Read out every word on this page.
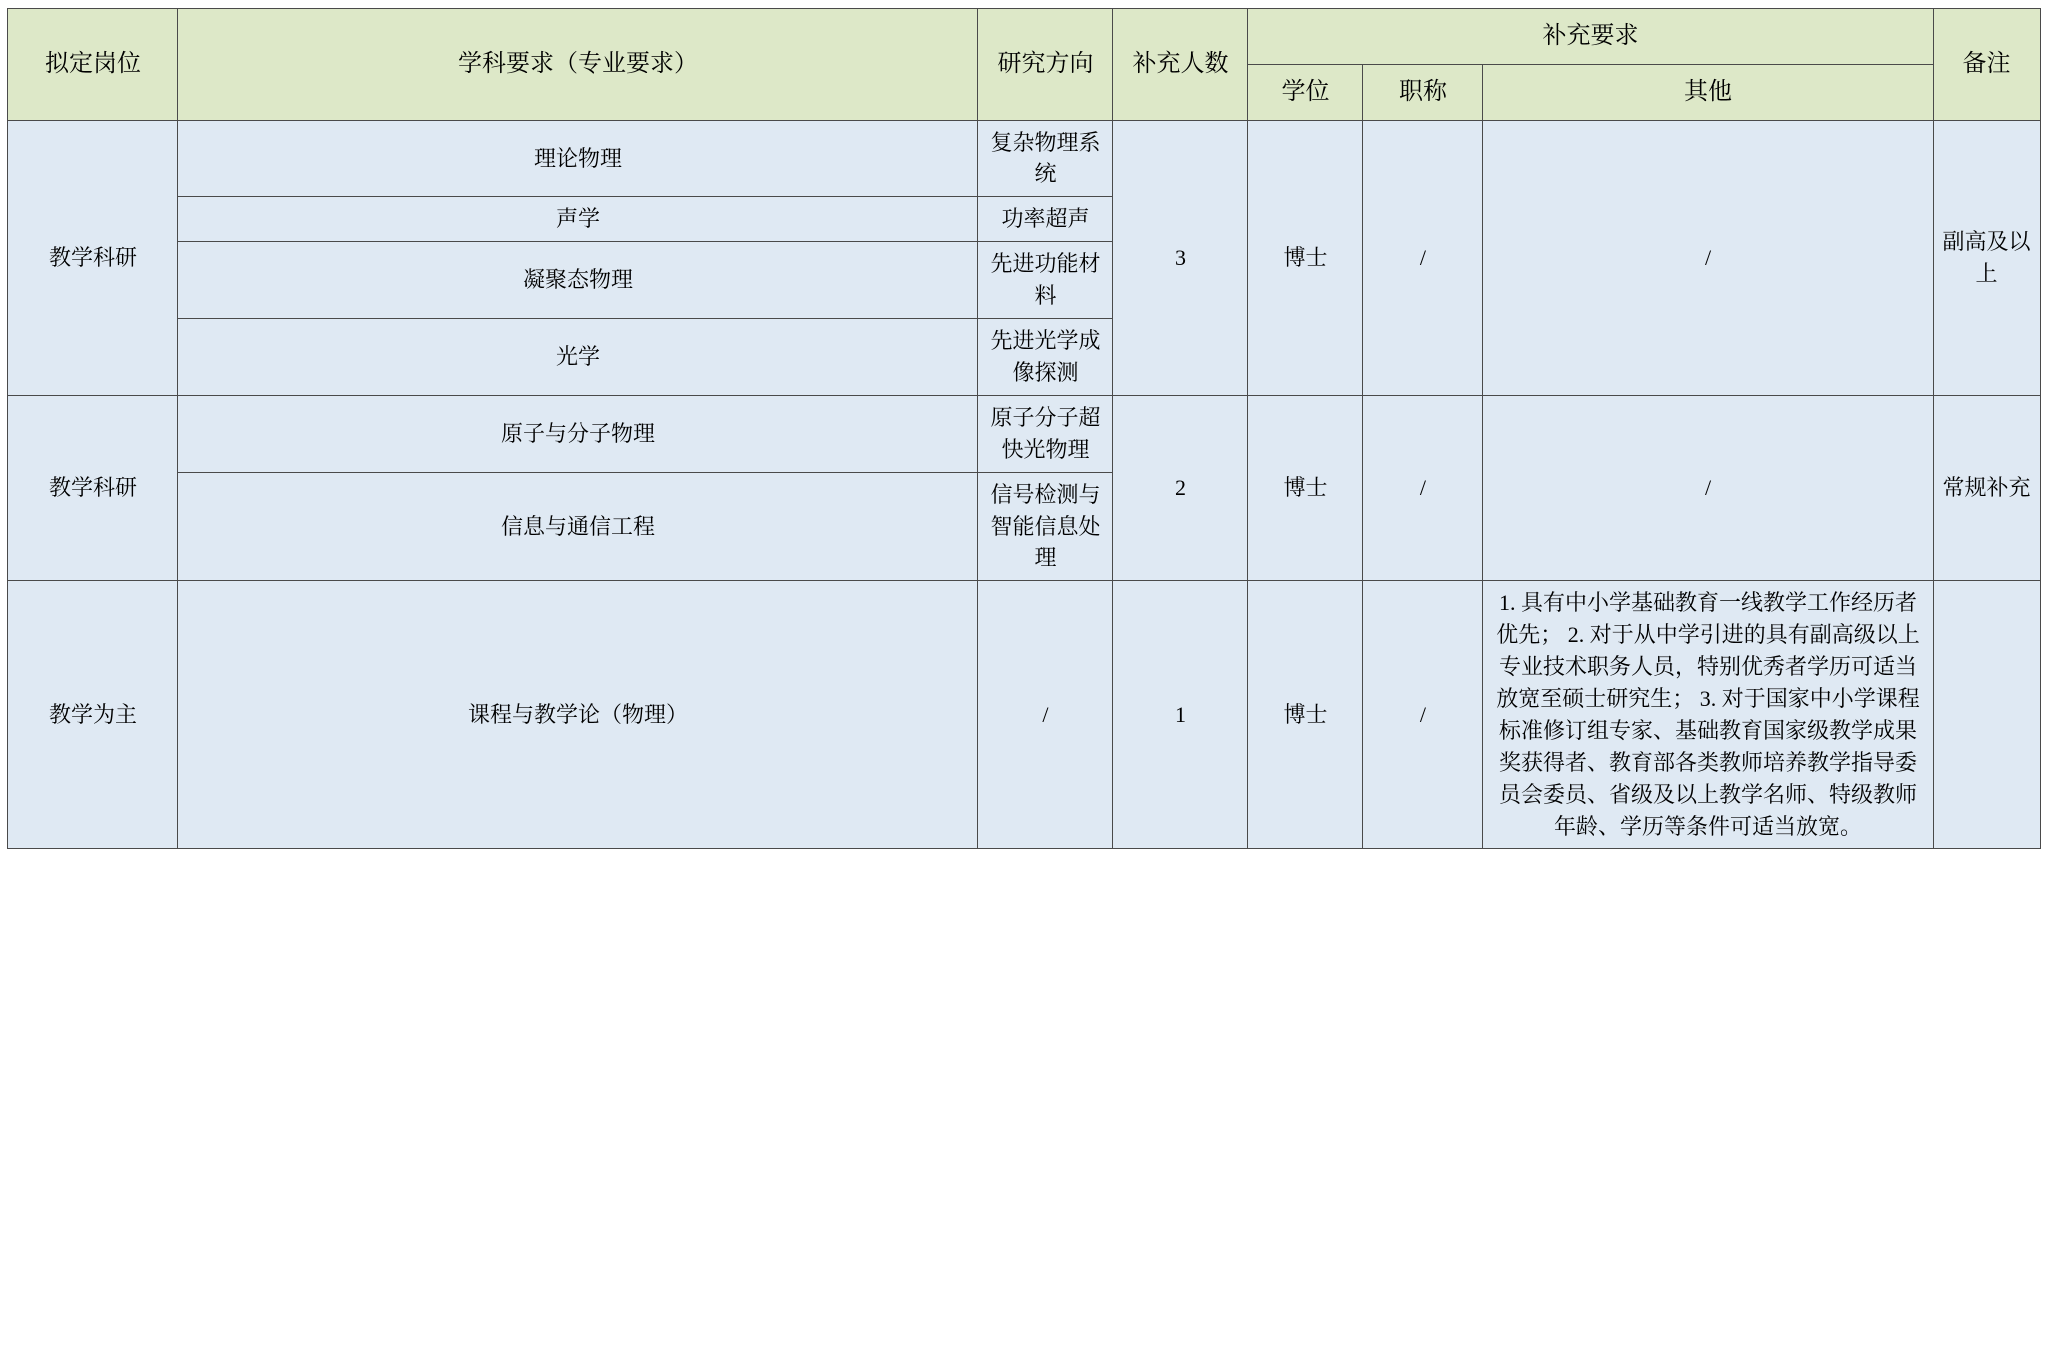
拟定岗位	学科要求（专业要求）	研究方向	补充人数	补充要求			备注
				学位	职称	其他	
教学科研	理论物理	复杂物理系统	3	博士	/	/	副高及以上
	声学	功率超声					
	凝聚态物理	先进功能材料					
	光学	先进光学成像探测					
教学科研	原子与分子物理	原子分子超快光物理	2	博士	/	/	常规补充
	信息与通信工程	信号检测与智能信息处理					
教学为主	课程与教学论（物理）	/	1	博士	/	1. 具有中小学基础教育一线教学工作经历者优先； 2. 对于从中学引进的具有副高级以上专业技术职务人员，特别优秀者学历可适当放宽至硕士研究生； 3. 对于国家中小学课程标准修订组专家、基础教育国家级教学成果奖获得者、教育部各类教师培养教学指导委员会委员、省级及以上教学名师、特级教师年龄、学历等条件可适当放宽。	
